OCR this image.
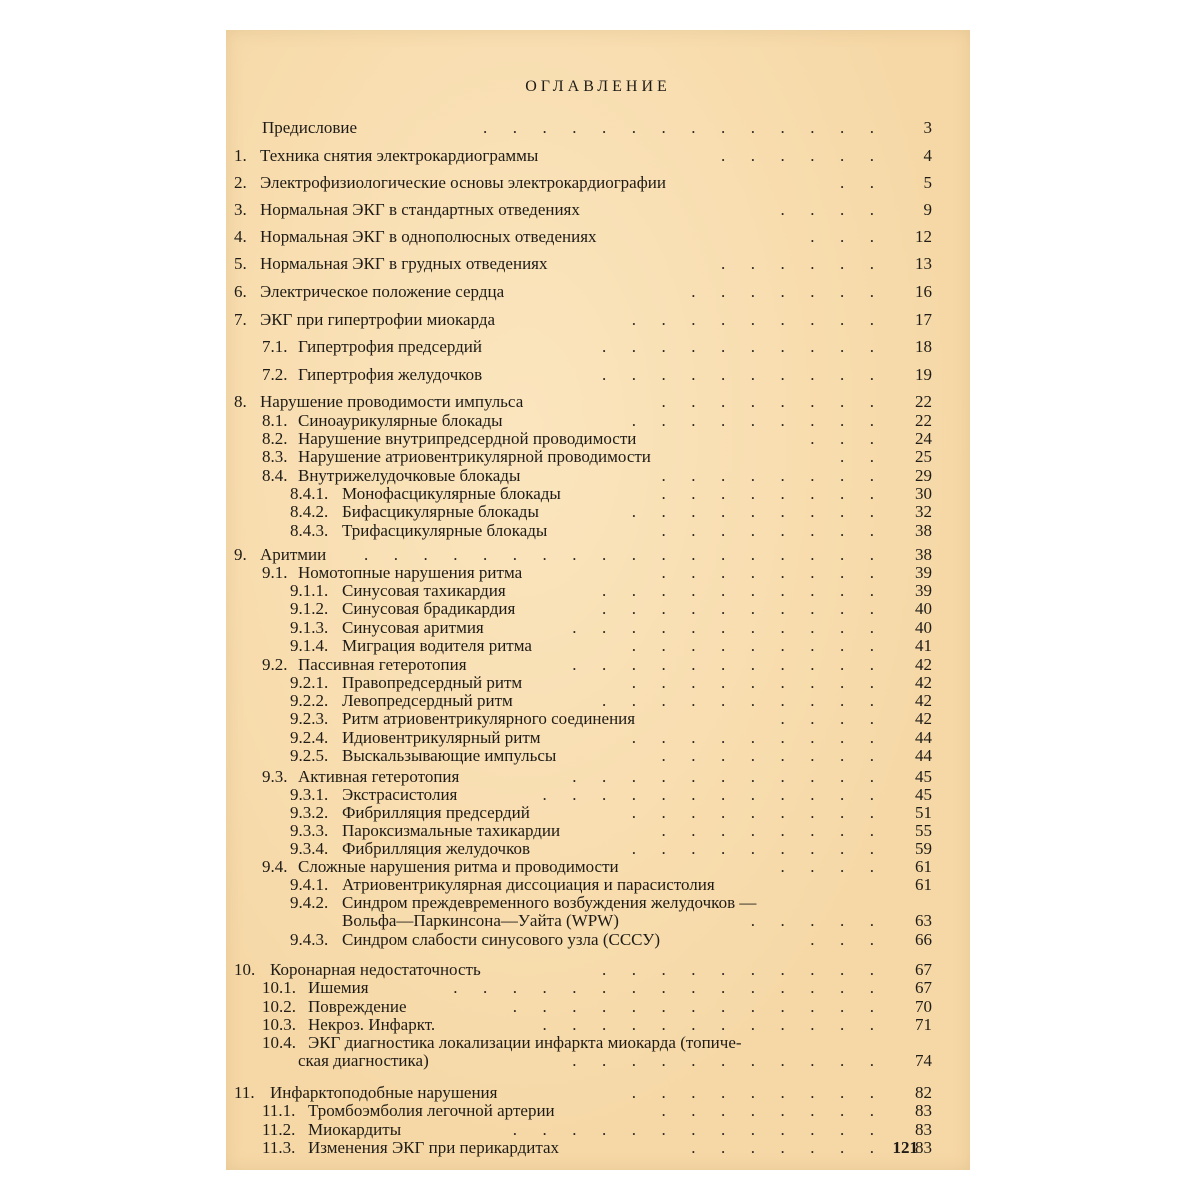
ОГЛАВЛЕНИЕ
Предисловие	.  .  .  .  .  .  .  .  .  .  .  .  .  .	3
1. Техника снятия электрокардиограммы	.  .  .  .  .  .	4
2. Электрофизиологические основы электрокардиографии	.  .	5
3. Нормальная ЭКГ в стандартных отведениях	.  .  .  .	9
4. Нормальная ЭКГ в однополюсных отведениях	.  .  .	12
5. Нормальная ЭКГ в грудных отведениях	.  .  .  .  .  .	13
6. Электрическое положение сердца	.  .  .  .  .  .  .	16
7. ЭКГ при гипертрофии миокарда	.  .  .  .  .  .  .  .  .	17
7.1. Гипертрофия предсердий	.  .  .  .  .  .  .  .  .  .	18
7.2. Гипертрофия желудочков	.  .  .  .  .  .  .  .  .  .	19
8. Нарушение проводимости импульса	.  .  .  .  .  .  .  .	22
8.1. Синоаурикулярные блокады	.  .  .  .  .  .  .  .  .	22
8.2. Нарушение внутрипредсердной проводимости	.  .  .	24
8.3. Нарушение атриовентрикулярной проводимости	.  .	25
8.4. Внутрижелудочковые блокады	.  .  .  .  .  .  .  .	29
8.4.1. Монофасцикулярные блокады	.  .  .  .  .  .  .  .	30
8.4.2. Бифасцикулярные блокады	.  .  .  .  .  .  .  .  .	32
8.4.3. Трифасцикулярные блокады	.  .  .  .  .  .  .  .	38
9. Аритмии .  .  .  .  .  .  .  .  .  .  .  .  .  .  .  .  .  .	38
9.1. Номотопные нарушения ритма	.  .  .  .  .  .  .  .	39
9.1.1. Синусовая тахикардия	.  .  .  .  .  .  .  .  .  .	39
9.1.2. Синусовая брадикардия	.  .  .  .  .  .  .  .  .  .	40
9.1.3. Синусовая аритмия	.  .  .  .  .  .  .  .  .  .  .	40
9.1.4. Миграция водителя ритма	.  .  .  .  .  .  .  .  .	41
9.2. Пассивная гетеротопия	.  .  .  .  .  .  .  .  .  .  .	42
9.2.1. Правопредсердный ритм	.  .  .  .  .  .  .  .  .	42
9.2.2. Левопредсердный ритм	.  .  .  .  .  .  .  .  .  .	42
9.2.3. Ритм атриовентрикулярного соединения	.  .  .  .	42
9.2.4. Идиовентрикулярный ритм	.  .  .  .  .  .  .  .  .	44
9.2.5. Выскальзывающие импульсы	.  .  .  .  .  .  .  .	44
9.3. Активная гетеротопия	.  .  .  .  .  .  .  .  .  .  .	45
9.3.1. Экстрасистолия	.  .  .  .  .  .  .  .  .  .  .  .	45
9.3.2. Фибрилляция предсердий	.  .  .  .  .  .  .  .  .	51
9.3.3. Пароксизмальные тахикардии	.  .  .  .  .  .  .  .	55
9.3.4. Фибрилляция желудочков	.  .  .  .  .  .  .  .  .	59
9.4. Сложные нарушения ритма и проводимости	.  .  .  .	61
9.4.1. Атриовентрикулярная диссоциация и парасистолия	61
9.4.2. Синдром преждевременного возбуждения желудочков —
Вольфа—Паркинсона—Уайта (WPW)	.  .  .  .  .	63
9.4.3. Синдром слабости синусового узла (СССУ)	.  .  .	66
10. Коронарная недостаточность	.  .  .  .  .  .  .  .  .  .	67
10.1. Ишемия	.  .  .  .  .  .  .  .  .  .  .  .  .  .  .	67
10.2. Повреждение	.  .  .  .  .  .  .  .  .  .  .  .  .	70
10.3. Некроз. Инфаркт.	.  .  .  .  .  .  .  .  .  .  .  .	71
10.4. ЭКГ диагностика локализации инфаркта миокарда (топиче-
ская диагностика)	.  .  .  .  .  .  .  .  .  .  .	74
11. Инфарктоподобные нарушения	.  .  .  .  .  .  .  .  .	82
11.1. Тромбоэмболия легочной артерии	.  .  .  .  .  .  .  .	83
11.2. Миокардиты	.  .  .  .  .  .  .  .  .  .  .  .  .	83
11.3. Изменения ЭКГ при перикардитах	.  .  .  .  .  .  .	83
121
